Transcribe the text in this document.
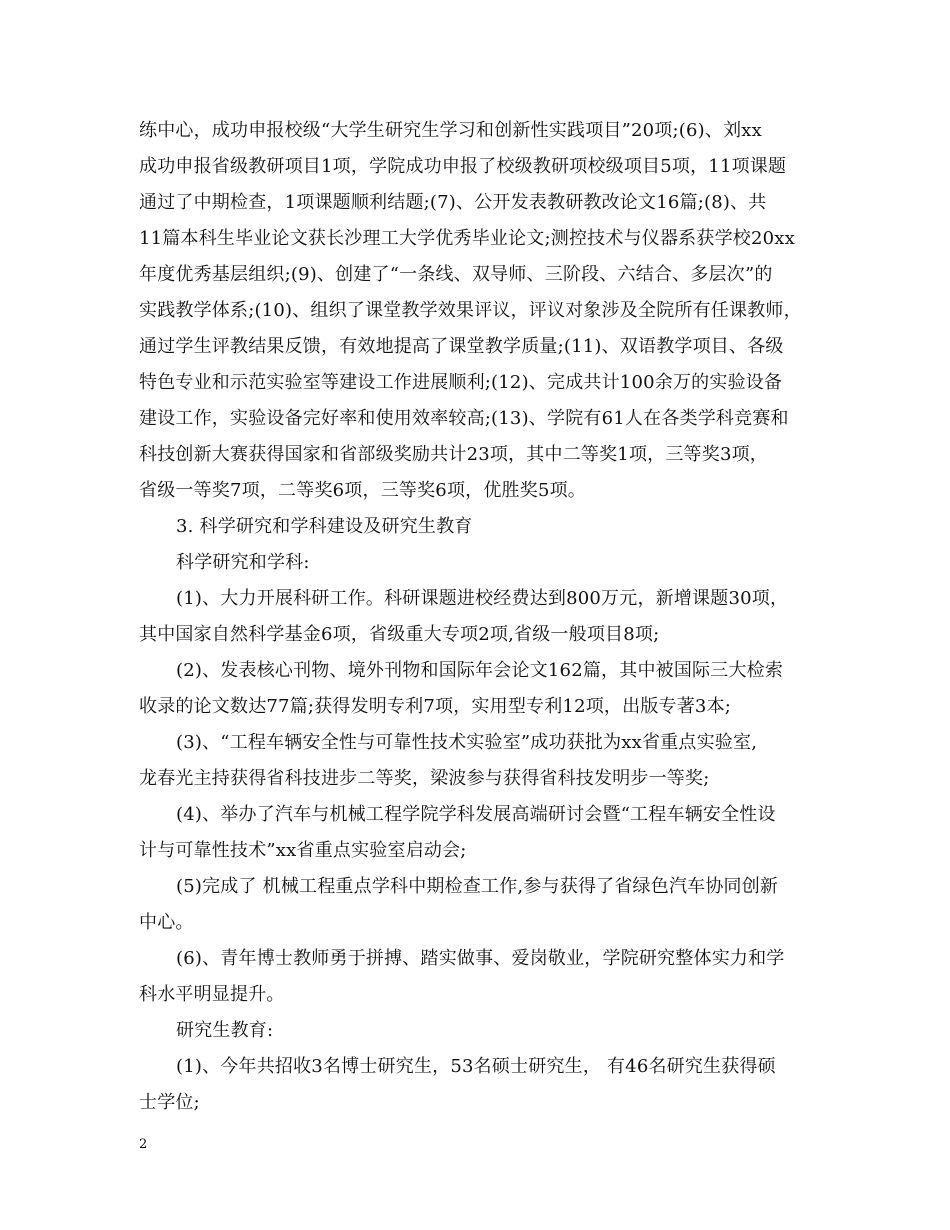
练中心，成功申报校级“大学生研究生学习和创新性实践项目”20项;(6)、刘xx
成功申报省级教研项目1项，学院成功申报了校级教研项校级项目5项，11项课题
通过了中期检查，1项课题顺利结题;(7)、公开发表教研教改论文16篇;(8)、共
11篇本科生毕业论文获长沙理工大学优秀毕业论文;测控技术与仪器系获学校20xx
年度优秀基层组织;(9)、创建了“一条线、双导师、三阶段、六结合、多层次”的
实践教学体系;(10)、组织了课堂教学效果评议，评议对象涉及全院所有任课教师，
通过学生评教结果反馈，有效地提高了课堂教学质量;(11)、双语教学项目、各级
特色专业和示范实验室等建设工作进展顺利;(12)、完成共计100余万的实验设备
建设工作，实验设备完好率和使用效率较高;(13)、学院有61人在各类学科竞赛和
科技创新大赛获得国家和省部级奖励共计23项，其中二等奖1项，三等奖3项，
省级一等奖7项，二等奖6项，三等奖6项，优胜奖5项。
3. 科学研究和学科建设及研究生教育
科学研究和学科:
(1)、大力开展科研工作。科研课题进校经费达到800万元，新增课题30项，
其中国家自然科学基金6项，省级重大专项2项,省级一般项目8项;
(2)、发表核心刊物、境外刊物和国际年会论文162篇，其中被国际三大检索
收录的论文数达77篇;获得发明专利7项，实用型专利12项，出版专著3本;
(3)、“工程车辆安全性与可靠性技术实验室”成功获批为xx省重点实验室,
龙春光主持获得省科技进步二等奖，梁波参与获得省科技发明步一等奖;
(4)、举办了汽车与机械工程学院学科发展高端研讨会暨“工程车辆安全性设
计与可靠性技术”xx省重点实验室启动会;
(5)完成了 机械工程重点学科中期检查工作,参与获得了省绿色汽车协同创新
中心。
(6)、青年博士教师勇于拼搏、踏实做事、爱岗敬业，学院研究整体实力和学
科水平明显提升。
研究生教育:
(1)、今年共招收3名博士研究生，53名硕士研究生， 有46名研究生获得硕
士学位;
2
